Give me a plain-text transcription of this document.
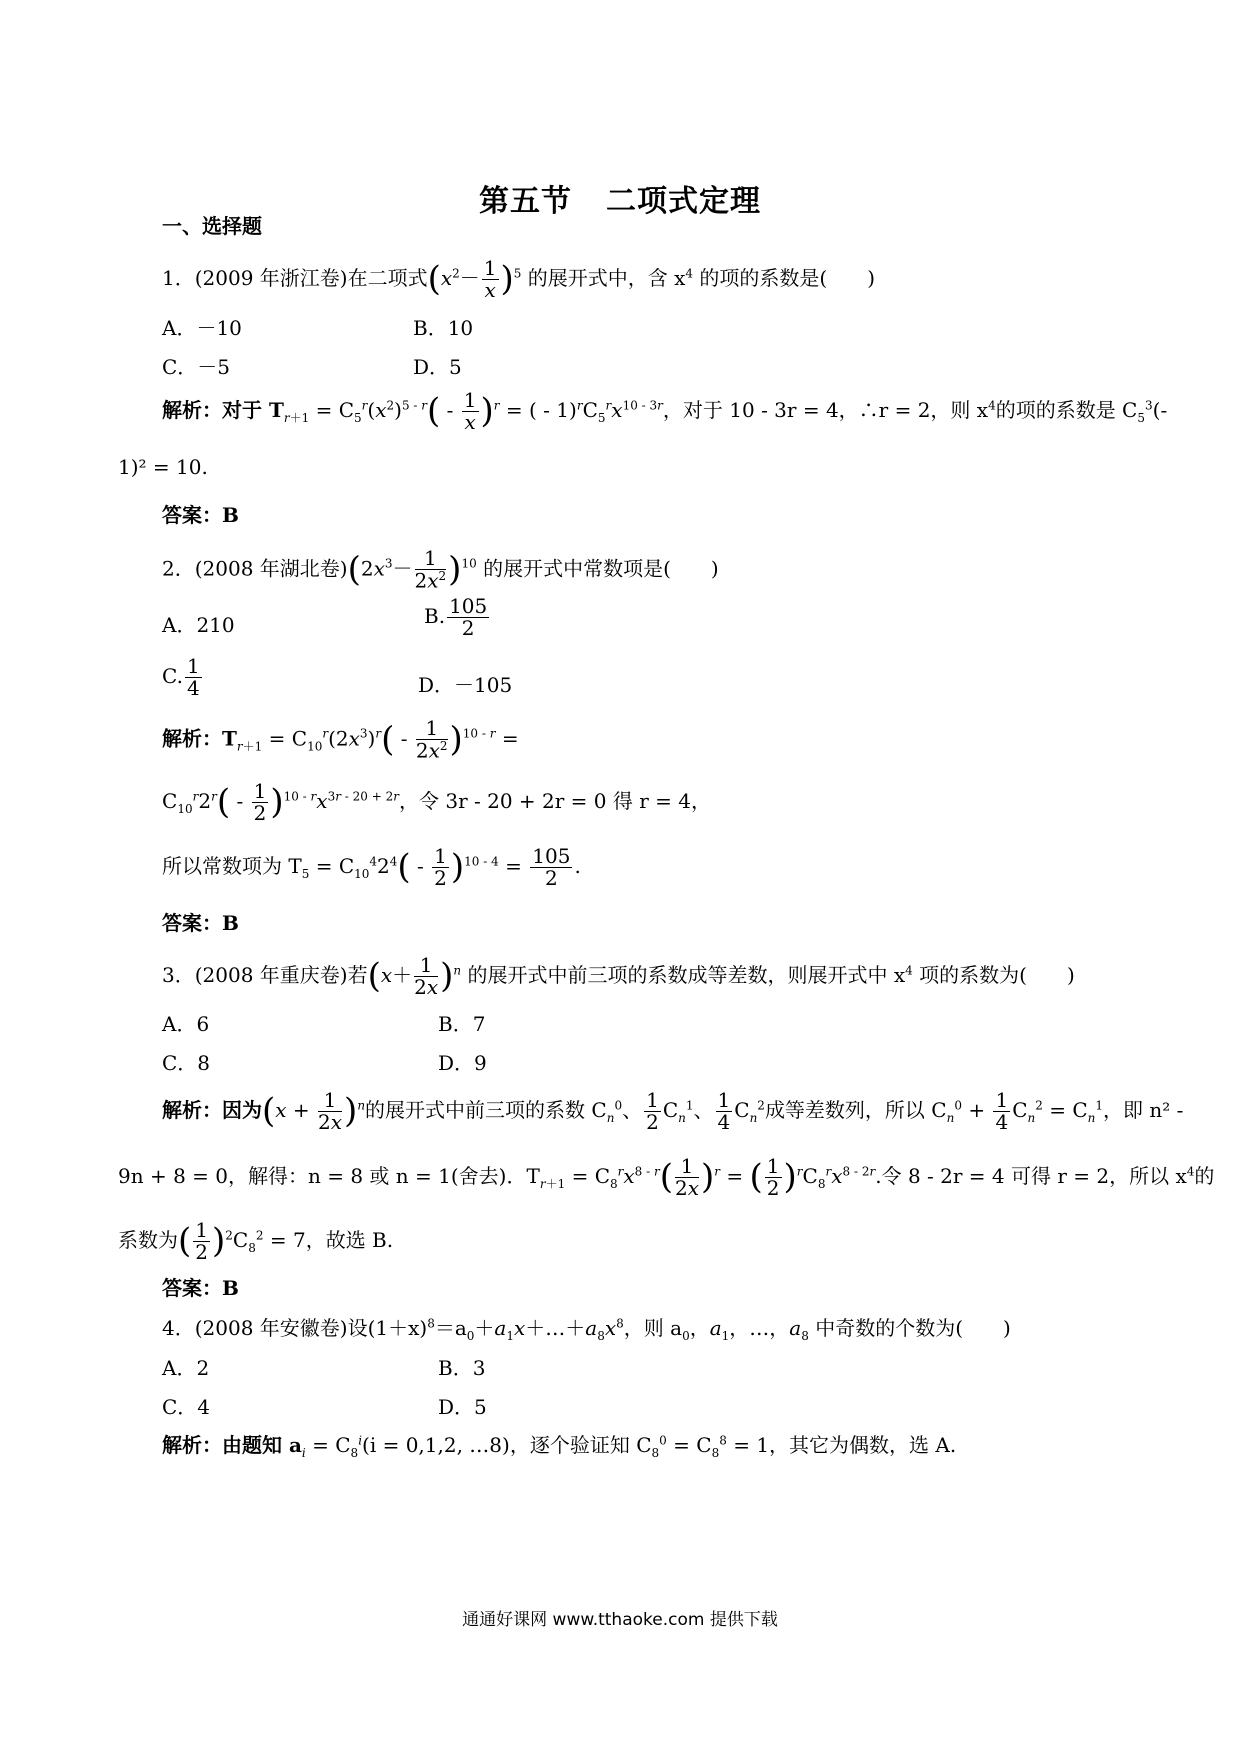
第五节 二项式定理
一、选择题
1．(2009 年浙江卷)在二项式$(x^2- \frac{1}{x} )^5$ 的展开式中，含 $x^4$ 的项的系数是(　　)
A．－10	B．10
C．－5	D．5
解析：对于 $T_{r+1} = C_5^r(x^2)^{5 - r}( - \frac{1}{x} )^r$ = ( - $1)^rC_5^rx^{10 - 3r}$，对于 10 - 3r = 4，∴r = 2，则 $x^4$的项的系数是 $C_5^3(-$
1)² = 10.
答案：B
2．(2008 年湖北卷)$(2x^3- \frac{1}{2x^2} )^{10}$ 的展开式中常数项是(　　)
A．210	B. $\frac{105}{2}$
C. $\frac{1}{4}$	D．－105
解析：$T_{r+1} = C_{10}^r(2x^3)^r( - \frac{1}{2x^2} )^{10 - r}$ =
$C_{10}^r2^r( - \frac{1}{2} )^{10 - r}x^{3r - 20 + 2r}$，令 3r - 20 + 2r = 0 得 r = 4，
所以常数项为 $T_5 = C_{10}^42^4( - \frac{1}{2} )^{10 - 4} = \frac{105}{2}$ .
答案：B
3．(2008 年重庆卷)若$(x+ \frac{1}{2x} )^n$ 的展开式中前三项的系数成等差数，则展开式中 $x^4$ 项的系数为(　　)
A．6	B．7
C．8	D．9
解析：因为$(x + \frac{1}{2x} )^n$的展开式中前三项的系数 $C_n^0$、 $\frac{1}{2} C_n^1$、 $\frac{1}{4} C_n^2$成等差数列，所以 $C_n^0 + \frac{1}{4} C_n^2 = C_n^1$，即 n² -
9n + 8 = 0，解得：n = 8 或 n = 1(舍去)．$T_{r+1} = C_8^rx^{8 - r}( \frac{1}{2x} )^r$ = ( $\frac{1}{2} )^rC_8^rx^{8 - 2r}$.令 8 - 2r = 4 可得 r = 2，所以 $x^4$的
系数为( $\frac{1}{2} )^2C_8^2 = 7$，故选 B.
答案：B
4．(2008 年安徽卷)设$(1+x)^8=a_0+a_1x+\dots+a_8x^8$，则 $a_0$，$a_1$，…，$a_8$ 中奇数的个数为(　　)
A．2	B．3
C．4	D．5
解析：由题知 $a_i = C_8^i(i = 0,1,2$, …8)，逐个验证知 $C_8^0 = C_8^8 = 1$，其它为偶数，选 A.
通通好课网 www.tthaoke.com 提供下载
